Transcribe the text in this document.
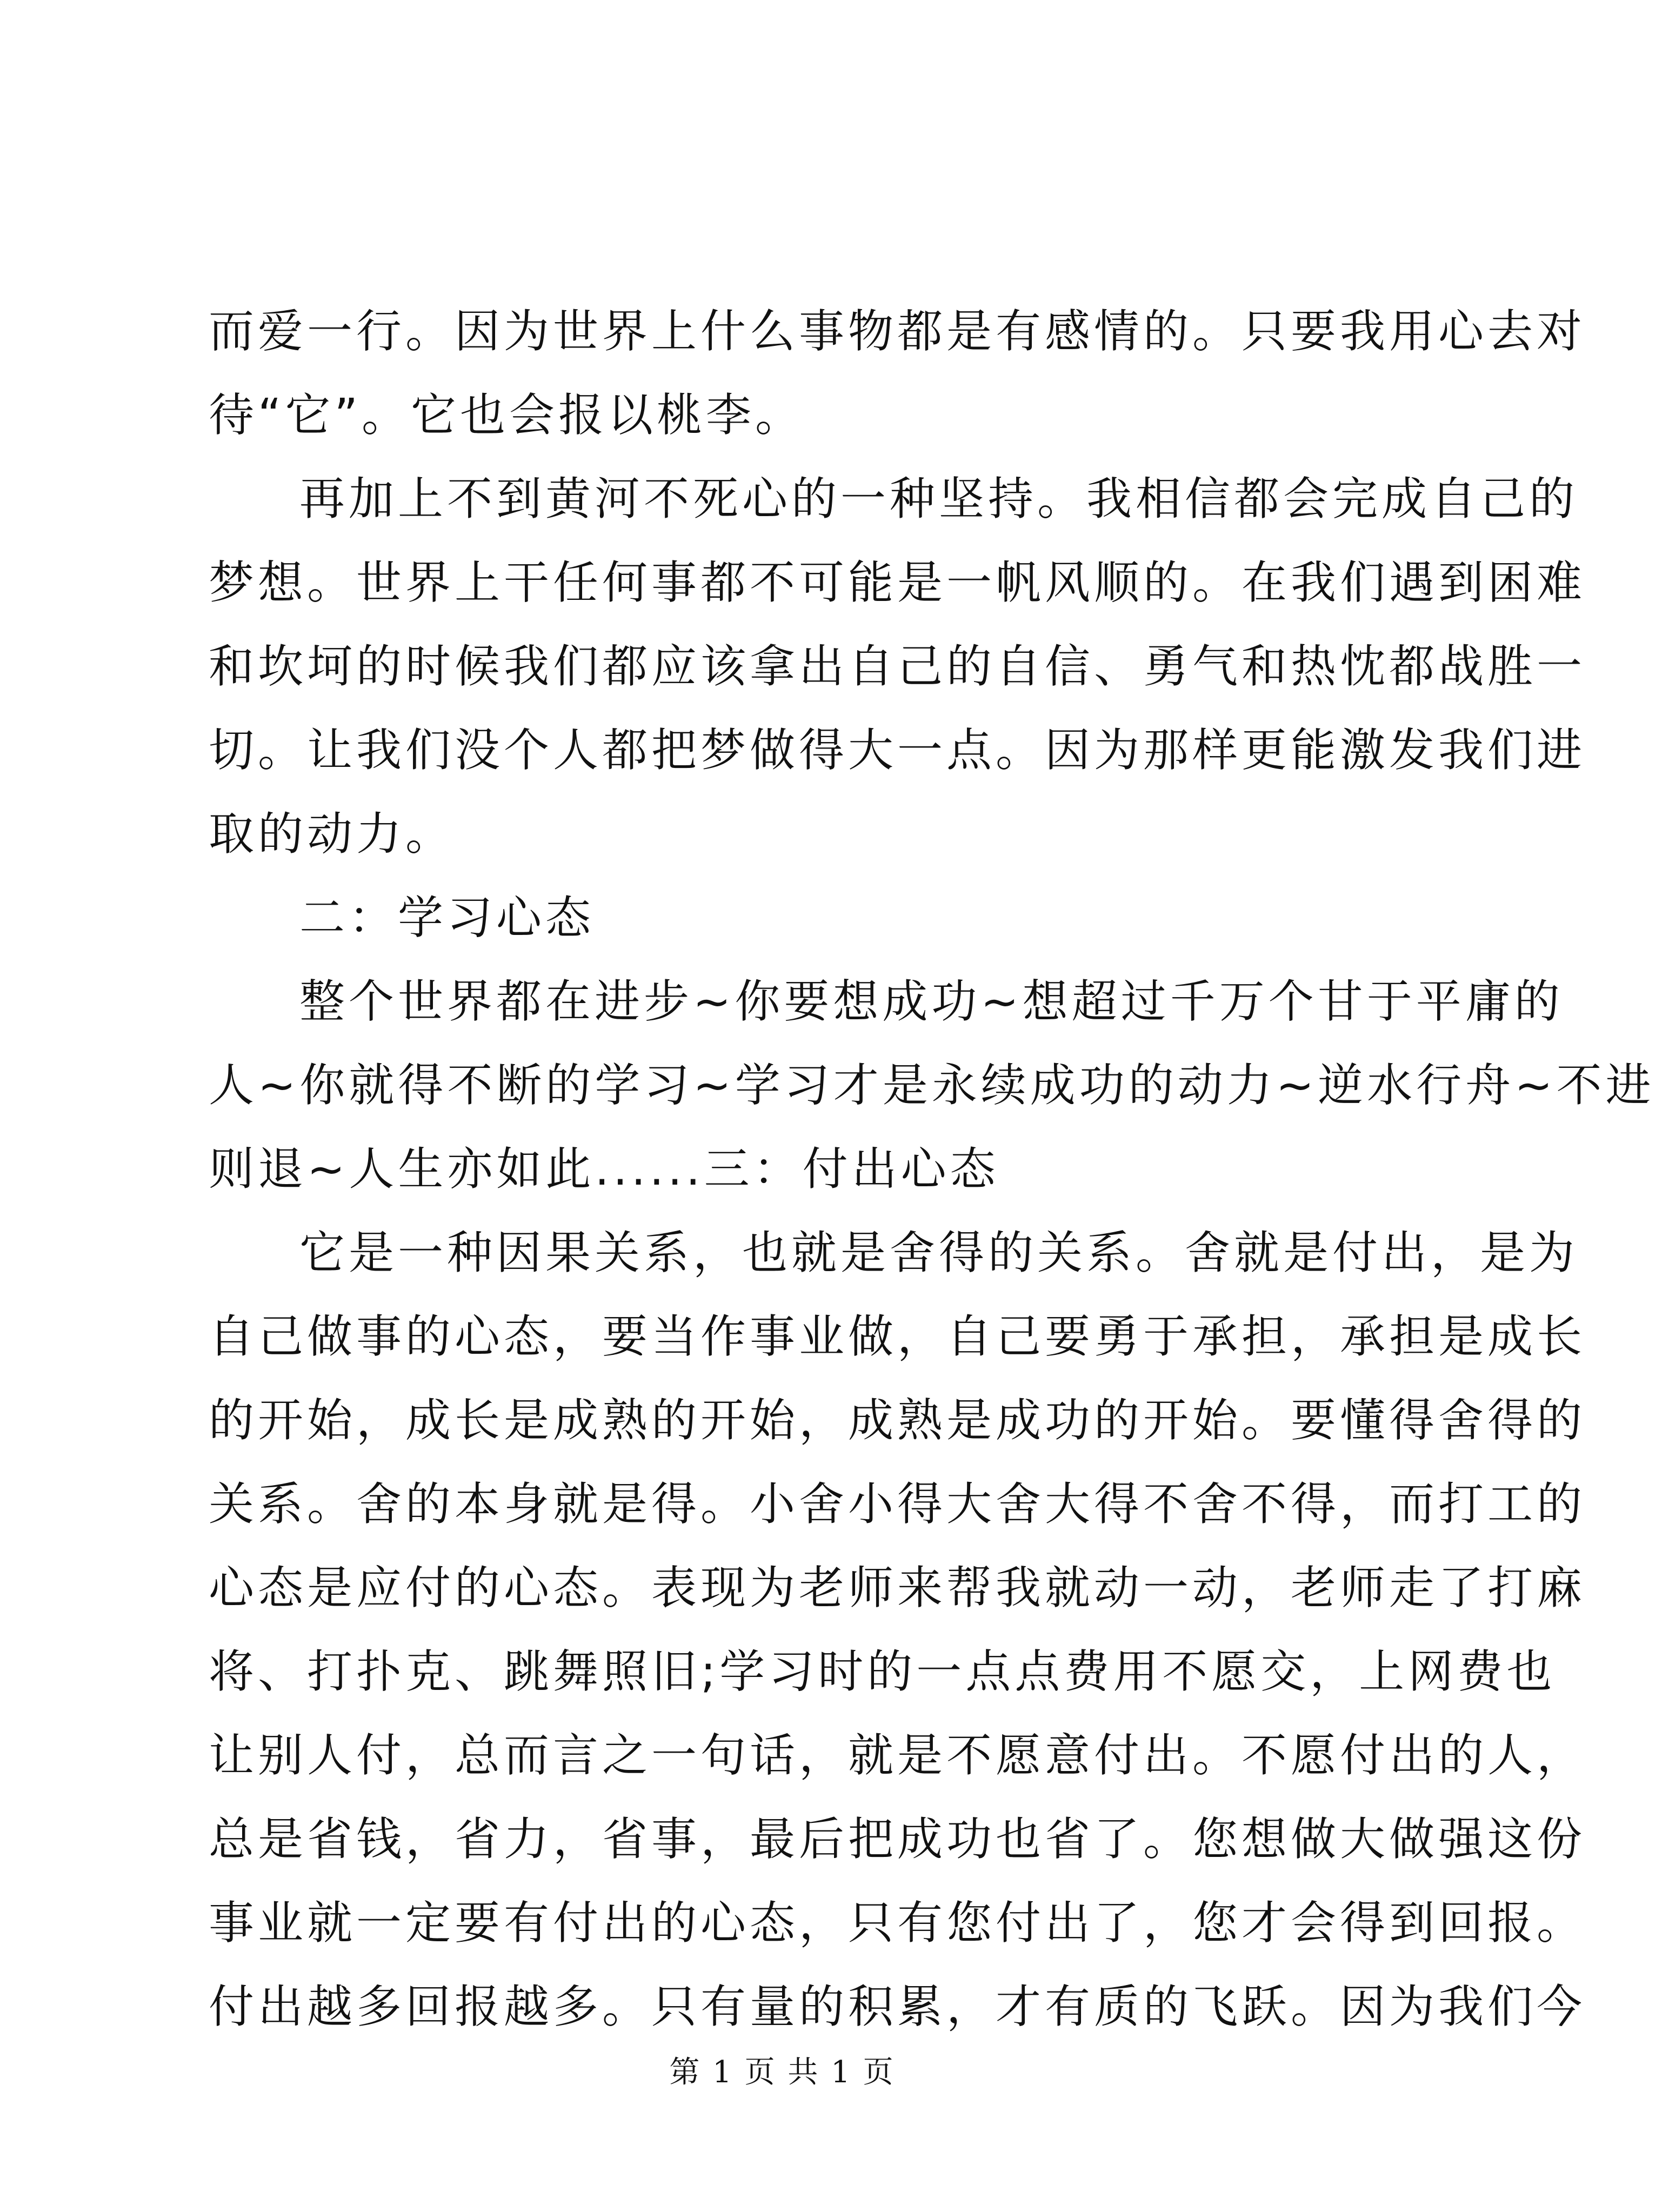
而爱一行。因为世界上什么事物都是有感情的。只要我用心去对
待“它”。它也会报以桃李。
再加上不到黄河不死心的一种坚持。我相信都会完成自己的
梦想。世界上干任何事都不可能是一帆风顺的。在我们遇到困难
和坎坷的时候我们都应该拿出自己的自信、勇气和热忱都战胜一
切。让我们没个人都把梦做得大一点。因为那样更能激发我们进
取的动力。
二：学习心态
整个世界都在进步~你要想成功~想超过千万个甘于平庸的
人~你就得不断的学习~学习才是永续成功的动力~逆水行舟~不进
则退~人生亦如此......三：付出心态
它是一种因果关系，也就是舍得的关系。舍就是付出，是为
自己做事的心态，要当作事业做，自己要勇于承担，承担是成长
的开始，成长是成熟的开始，成熟是成功的开始。要懂得舍得的
关系。舍的本身就是得。小舍小得大舍大得不舍不得，而打工的
心态是应付的心态。表现为老师来帮我就动一动，老师走了打麻
将、打扑克、跳舞照旧;学习时的一点点费用不愿交，上网费也
让别人付，总而言之一句话，就是不愿意付出。不愿付出的人，
总是省钱，省力，省事，最后把成功也省了。您想做大做强这份
事业就一定要有付出的心态，只有您付出了，您才会得到回报。
付出越多回报越多。只有量的积累，才有质的飞跃。因为我们今
第 1 页 共 1 页
